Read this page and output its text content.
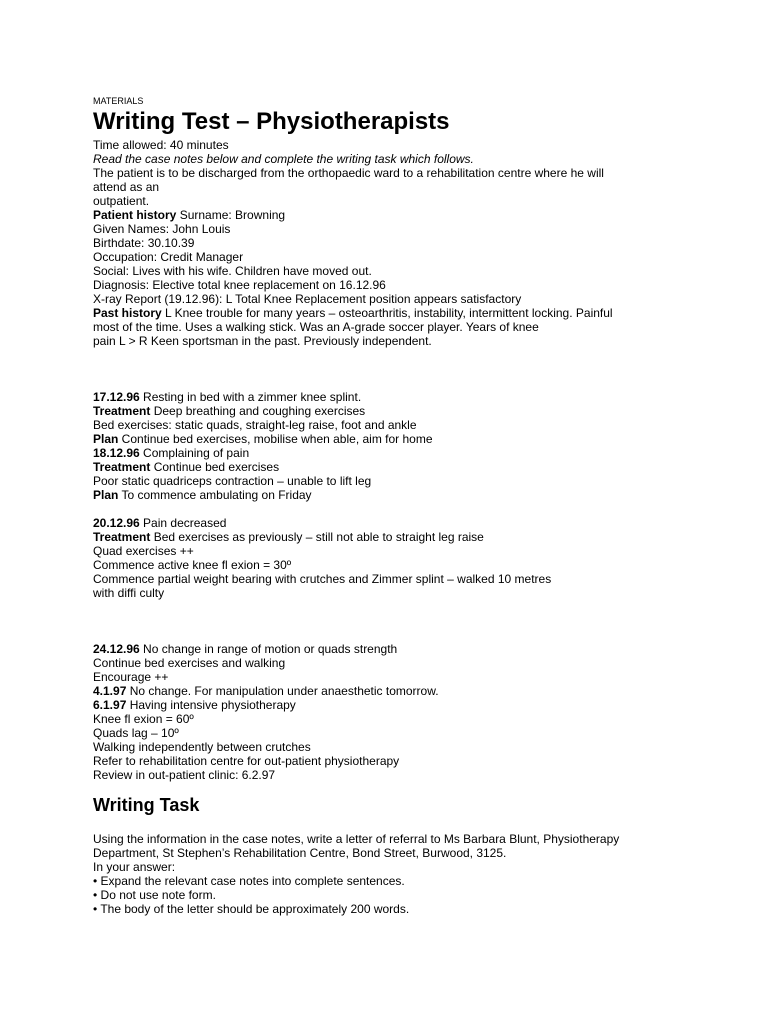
MATERIALS

Writing Test – Physiotherapists

Time allowed: 40 minutes

Read the case notes below and complete the writing task which follows.

The patient is to be discharged from the orthopaedic ward to a rehabilitation centre where he will

attend as an

outpatient.

Patient history Surname: Browning

Given Names: John Louis

Birthdate: 30.10.39

Occupation: Credit Manager

Social: Lives with his wife. Children have moved out.

Diagnosis: Elective total knee replacement on 16.12.96

X-ray Report (19.12.96): L Total Knee Replacement position appears satisfactory

Past history L Knee trouble for many years – osteoarthritis, instability, intermittent locking. Painful

most of the time. Uses a walking stick. Was an A-grade soccer player. Years of knee

pain L > R Keen sportsman in the past. Previously independent.

17.12.96 Resting in bed with a zimmer knee splint.

Treatment Deep breathing and coughing exercises

Bed exercises: static quads, straight-leg raise, foot and ankle

Plan Continue bed exercises, mobilise when able, aim for home

18.12.96 Complaining of pain

Treatment Continue bed exercises

Poor static quadriceps contraction – unable to lift leg

Plan To commence ambulating on Friday

20.12.96 Pain decreased

Treatment Bed exercises as previously – still not able to straight leg raise

Quad exercises ++

Commence active knee fl exion = 30º

Commence partial weight bearing with crutches and Zimmer splint – walked 10 metres

with diffi culty

24.12.96 No change in range of motion or quads strength

Continue bed exercises and walking

Encourage ++

4.1.97 No change. For manipulation under anaesthetic tomorrow.

6.1.97 Having intensive physiotherapy

Knee fl exion = 60º

Quads lag – 10º

Walking independently between crutches

Refer to rehabilitation centre for out-patient physiotherapy

Review in out-patient clinic: 6.2.97

Writing Task

Using the information in the case notes, write a letter of referral to Ms Barbara Blunt, Physiotherapy

Department, St Stephen’s Rehabilitation Centre, Bond Street, Burwood, 3125.

In your answer:

• Expand the relevant case notes into complete sentences.

• Do not use note form.

• The body of the letter should be approximately 200 words.
